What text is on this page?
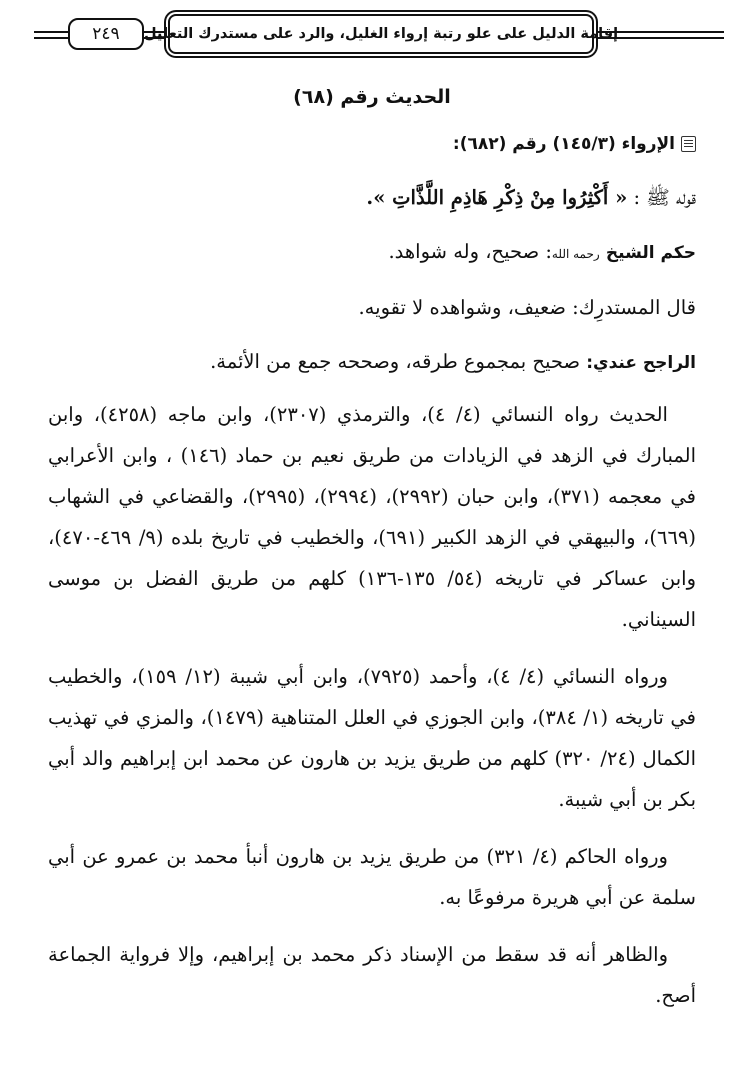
إقامة الدليل على علو رتبة إرواء الغليل، والرد على مستدرك التعليل
٢٤٩

الحديث رقم (٦٨)

الإرواء (١٤٥/٣) رقم (٦٨٢):

قوله ﷺ : « أَكْثِرُوا مِنْ ذِكْرِ هَاذِمِ اللَّذَّاتِ ».

حكم الشيخ رحمه الله: صحيح، وله شواهد.

قال المستدرِك: ضعيف، وشواهده لا تقويه.

الراجح عندي: صحيح بمجموع طرقه، وصححه جمع من الأئمة.

الحديث رواه النسائي (٤/ ٤)، والترمذي (٢٣٠٧)، وابن ماجه (٤٢٥٨)، وابن المبارك في الزهد في الزيادات من طريق نعيم بن حماد (١٤٦) ، وابن الأعرابي في معجمه (٣٧١)، وابن حبان (٢٩٩٢)، (٢٩٩٤)، (٢٩٩٥)، والقضاعي في الشهاب (٦٦٩)، والبيهقي في الزهد الكبير (٦٩١)، والخطيب في تاريخ بلده (٩/ ٤٦٩-٤٧٠)، وابن عساكر في تاريخه (٥٤/ ١٣٥-١٣٦) كلهم من طريق الفضل بن موسى السيناني.

ورواه النسائي (٤/ ٤)، وأحمد (٧٩٢٥)، وابن أبي شيبة (١٢/ ١٥٩)، والخطيب في تاريخه (١/ ٣٨٤)، وابن الجوزي في العلل المتناهية (١٤٧٩)، والمزي في تهذيب الكمال (٢٤/ ٣٢٠) كلهم من طريق يزيد بن هارون عن محمد ابن إبراهيم والد أبي بكر بن أبي شيبة.

ورواه الحاكم (٤/ ٣٢١) من طريق يزيد بن هارون أنبأ محمد بن عمرو عن أبي سلمة عن أبي هريرة مرفوعًا به.

والظاهر أنه قد سقط من الإسناد ذكر محمد بن إبراهيم، وإلا فرواية الجماعة أصح.
